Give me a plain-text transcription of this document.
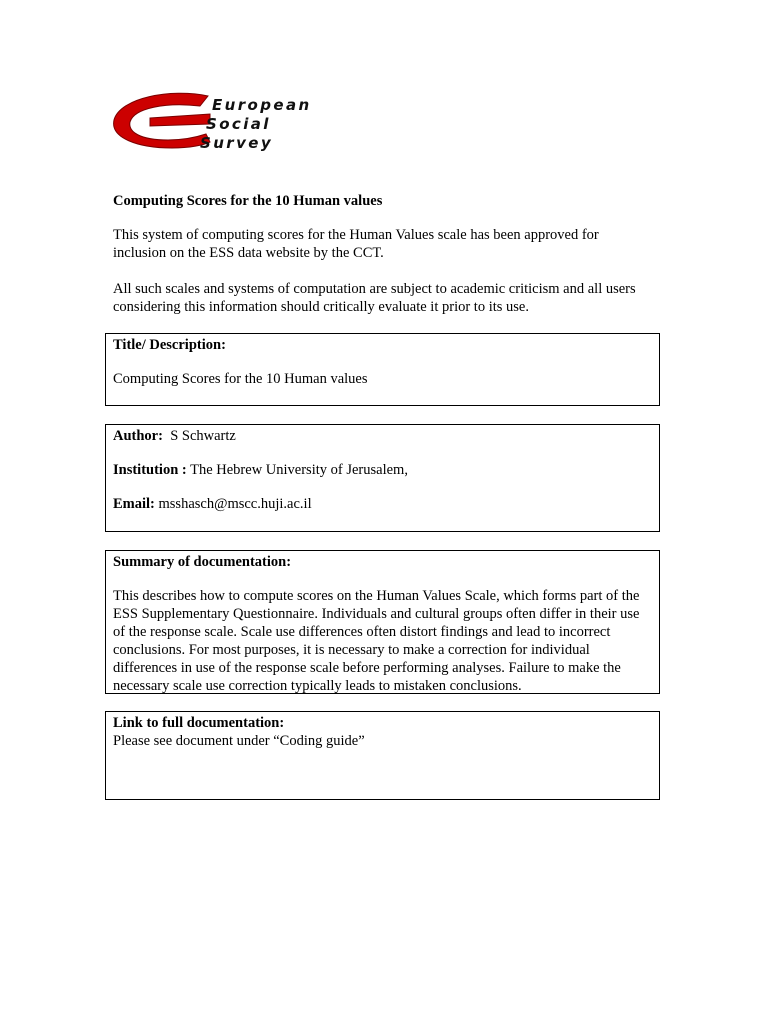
European
Social
Survey

Computing Scores for the 10 Human values

This system of computing scores for the Human Values scale has been approved for inclusion on the ESS data website by the CCT.

All such scales and systems of computation are subject to academic criticism and all users considering this information should critically evaluate it prior to its use.

Title/ Description:

Computing Scores for the 10 Human values

Author: S Schwartz

Institution : The Hebrew University of Jerusalem,

Email: msshasch@mscc.huji.ac.il

Summary of documentation:

This describes how to compute scores on the Human Values Scale, which forms part of the ESS Supplementary Questionnaire. Individuals and cultural groups often differ in their use of the response scale. Scale use differences often distort findings and lead to incorrect conclusions. For most purposes, it is necessary to make a correction for individual differences in use of the response scale before performing analyses. Failure to make the necessary scale use correction typically leads to mistaken conclusions.

Link to full documentation:

Please see document under “Coding guide”
